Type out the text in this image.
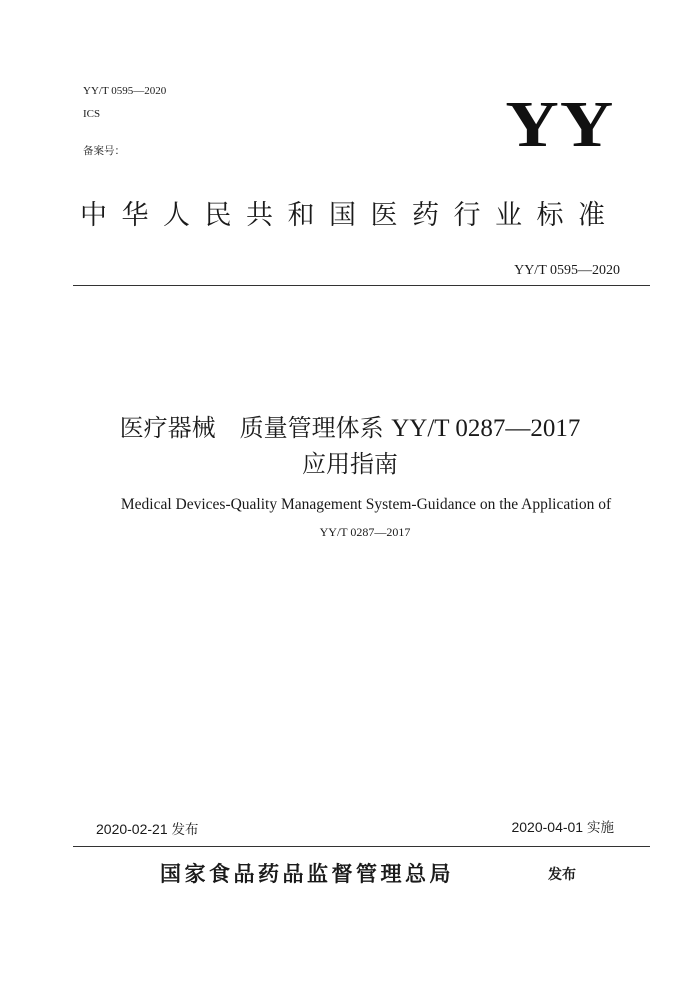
YY/T 0595—2020
ICS
备案号：	YY
中华人民共和国医药行业标准
YY/T 0595—2020
医疗器械 质量管理体系 YY/T 0287—2017
应用指南
Medical Devices-Quality Management System-Guidance on the Application of
YY/T 0287—2017
2020-02-21 发布	2020-04-01 实施
国家食品药品监督管理总局	发布
